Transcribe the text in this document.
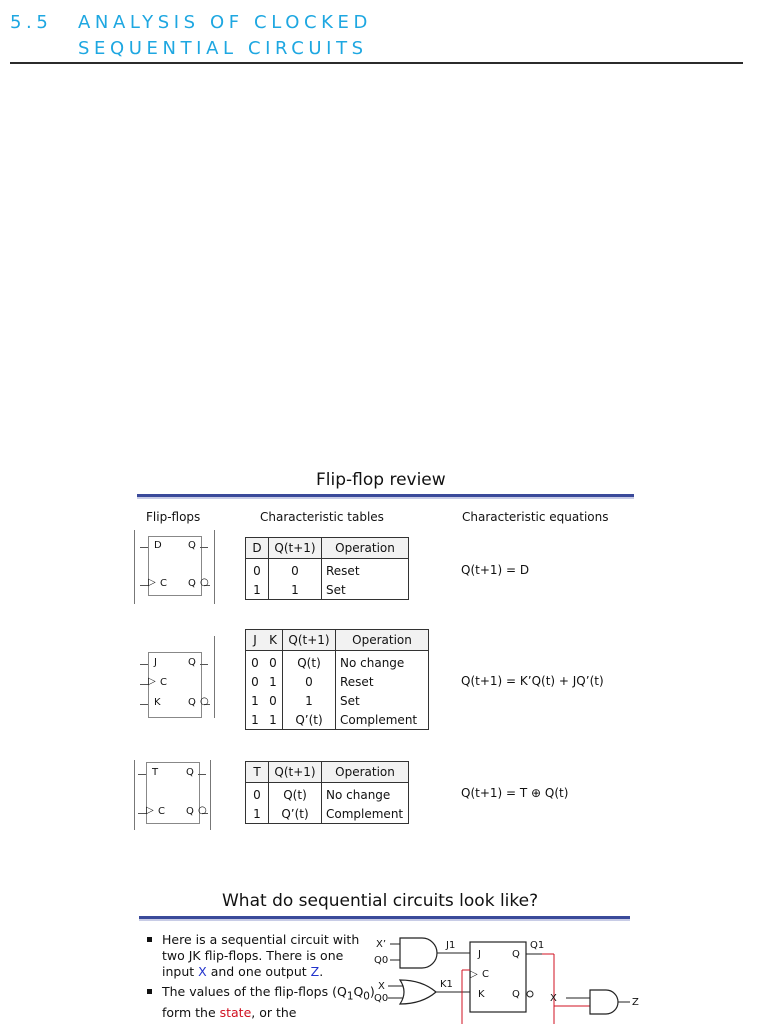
5.5	ANALYSIS OF CLOCKED
SEQUENTIAL CIRCUITS
Flip-flop review
Flip-flops	Characteristic tables	Characteristic equations
D	Q
▷ C Q ○
D	Q(t+1)	Operation
0	0	Reset
1	1	Set
Q(t+1) = D
J	Q
▷ C
K	Q ○
J	K	Q(t+1)	Operation
0	0	Q(t)	No change
0	1	0	Reset
1	0	1	Set
1	1	Q’(t)	Complement
Q(t+1) = K’Q(t) + JQ’(t)
T	Q
▷ C Q ○
T	Q(t+1)	Operation
0	Q(t)	No change
1	Q’(t)	Complement
Q(t+1) = T ⊕ Q(t)
What do sequential circuits look like?
Here is a sequential circuit with two JK flip-flops. There is one input X and one output Z.
The values of the flip-flops $(Q_1Q_0)$ form the state, or the
X’
Q0
J1
X
Q0
K1
J
▷ C
K
Q
Q
Q1
X	Z
